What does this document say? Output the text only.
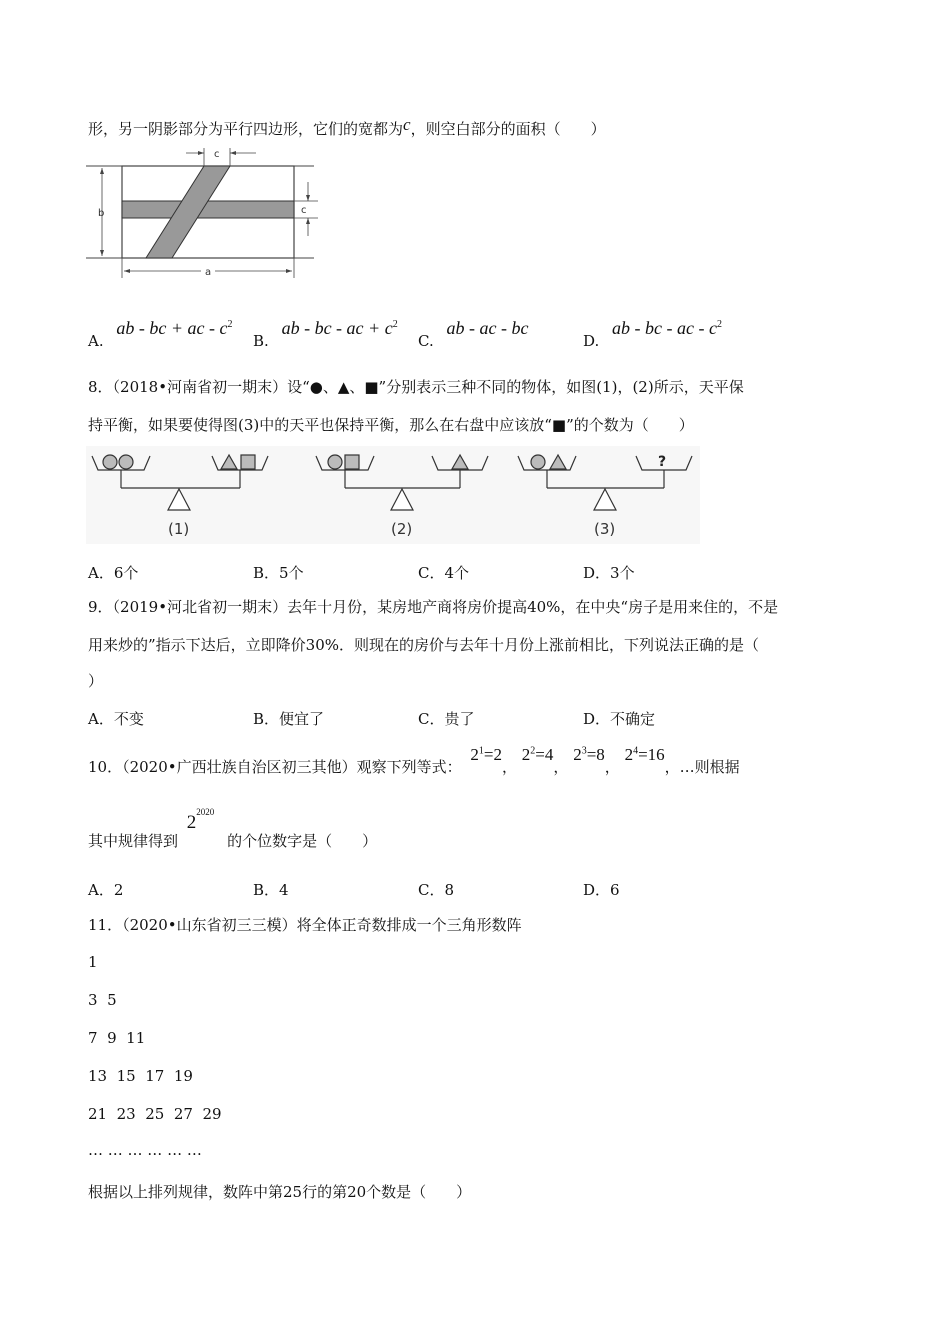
形，另一阴影部分为平行四边形，它们的宽都为c，则空白部分的面积（　　）
c
b	c
a
A. ab - bc + ac - $c^2$
B. ab - bc - ac + $c^2$
C. ab - ac - bc
D. ab - bc - ac - $c^2$
8．（2018•河南省初一期末）设“●、▲、■”分别表示三种不同的物体，如图(1)，(2)所示，天平保
持平衡，如果要使得图(3)中的天平也保持平衡，那么在右盘中应该放“■”的个数为（　　）
(1)	(2)
?
(3)
A．6个	B．5个	C．4个	D．3个
9．（2019•河北省初一期末）去年十月份，某房地产商将房价提高40%，在中央“房子是用来住的，不是
用来炒的”指示下达后，立即降价30%．则现在的房价与去年十月份上涨前相比，下列说法正确的是（
）
A．不变	B．便宜了	C．贵了	D．不确定
10．（2020•广西壮族自治区初三其他）观察下列等式： $2^1=2$， $2^2=4$， $2^3=8$， $2^4=16$，…则根据
其中规律得到 $2^{2020}$ 的个位数字是（　　）
A．2	B．4	C．8	D．6
11．（2020•山东省初三三模）将全体正奇数排成一个三角形数阵
1
3  5
7  9  11
13  15  17  19
21  23  25  27  29
… … … … … …
根据以上排列规律，数阵中第25行的第20个数是（　　）
